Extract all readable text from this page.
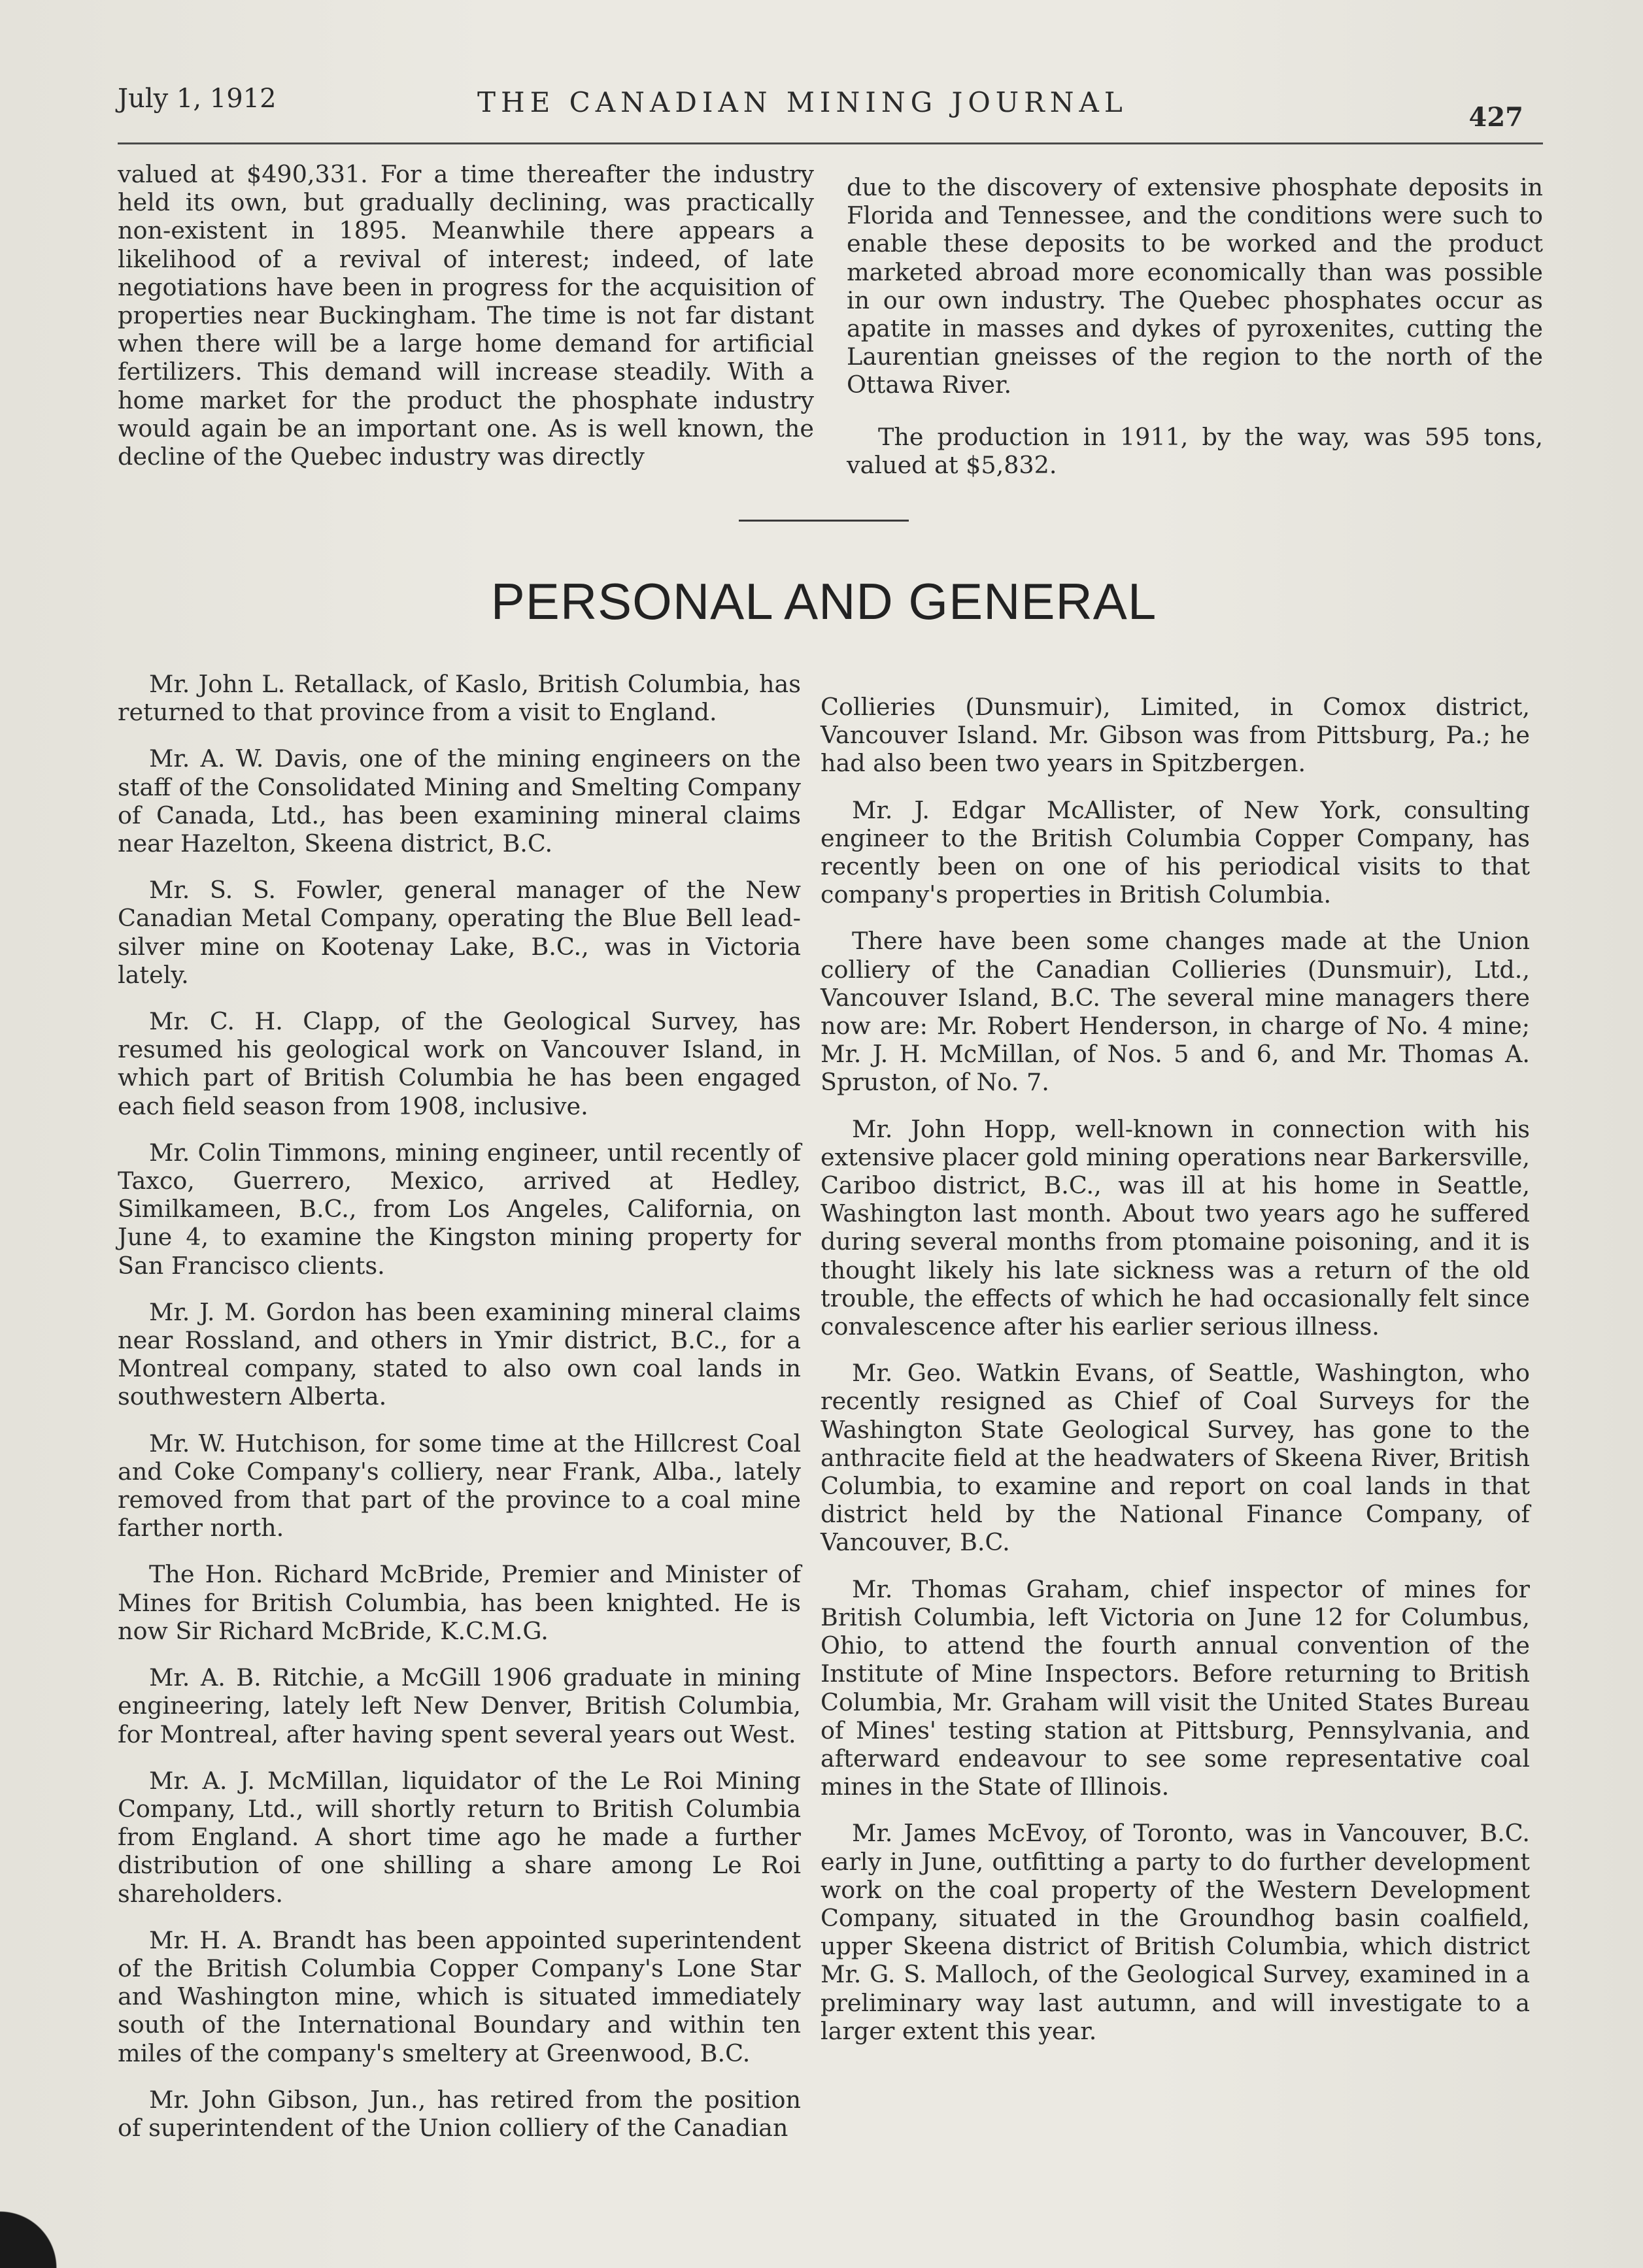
July 1, 1912	THE CANADIAN MINING JOURNAL	427

valued at $490,331. For a time thereafter the industry held its own, but gradually declining, was practically non-existent in 1895. Meanwhile there appears a likelihood of a revival of interest; indeed, of late negotiations have been in progress for the acquisition of properties near Buckingham. The time is not far distant when there will be a large home demand for artificial fertilizers. This demand will increase steadily. With a home market for the product the phosphate industry would again be an important one. As is well known, the decline of the Quebec industry was directly

due to the discovery of extensive phosphate deposits in Florida and Tennessee, and the conditions were such to enable these deposits to be worked and the product marketed abroad more economically than was possible in our own industry. The Quebec phosphates occur as apatite in masses and dykes of pyroxenites, cutting the Laurentian gneisses of the region to the north of the Ottawa River.

The production in 1911, by the way, was 595 tons, valued at $5,832.

PERSONAL AND GENERAL

Mr. John L. Retallack, of Kaslo, British Columbia, has returned to that province from a visit to England.

Mr. A. W. Davis, one of the mining engineers on the staff of the Consolidated Mining and Smelting Company of Canada, Ltd., has been examining mineral claims near Hazelton, Skeena district, B.C.

Mr. S. S. Fowler, general manager of the New Canadian Metal Company, operating the Blue Bell lead-silver mine on Kootenay Lake, B.C., was in Victoria lately.

Mr. C. H. Clapp, of the Geological Survey, has resumed his geological work on Vancouver Island, in which part of British Columbia he has been engaged each field season from 1908, inclusive.

Mr. Colin Timmons, mining engineer, until recently of Taxco, Guerrero, Mexico, arrived at Hedley, Similkameen, B.C., from Los Angeles, California, on June 4, to examine the Kingston mining property for San Francisco clients.

Mr. J. M. Gordon has been examining mineral claims near Rossland, and others in Ymir district, B.C., for a Montreal company, stated to also own coal lands in southwestern Alberta.

Mr. W. Hutchison, for some time at the Hillcrest Coal and Coke Company's colliery, near Frank, Alba., lately removed from that part of the province to a coal mine farther north.

The Hon. Richard McBride, Premier and Minister of Mines for British Columbia, has been knighted. He is now Sir Richard McBride, K.C.M.G.

Mr. A. B. Ritchie, a McGill 1906 graduate in mining engineering, lately left New Denver, British Columbia, for Montreal, after having spent several years out West.

Mr. A. J. McMillan, liquidator of the Le Roi Mining Company, Ltd., will shortly return to British Columbia from England. A short time ago he made a further distribution of one shilling a share among Le Roi shareholders.

Mr. H. A. Brandt has been appointed superintendent of the British Columbia Copper Company's Lone Star and Washington mine, which is situated immediately south of the International Boundary and within ten miles of the company's smeltery at Greenwood, B.C.

Mr. John Gibson, Jun., has retired from the position of superintendent of the Union colliery of the Canadian

Collieries (Dunsmuir), Limited, in Comox district, Vancouver Island. Mr. Gibson was from Pittsburg, Pa.; he had also been two years in Spitzbergen.

Mr. J. Edgar McAllister, of New York, consulting engineer to the British Columbia Copper Company, has recently been on one of his periodical visits to that company's properties in British Columbia.

There have been some changes made at the Union colliery of the Canadian Collieries (Dunsmuir), Ltd., Vancouver Island, B.C. The several mine managers there now are: Mr. Robert Henderson, in charge of No. 4 mine; Mr. J. H. McMillan, of Nos. 5 and 6, and Mr. Thomas A. Spruston, of No. 7.

Mr. John Hopp, well-known in connection with his extensive placer gold mining operations near Barkersville, Cariboo district, B.C., was ill at his home in Seattle, Washington last month. About two years ago he suffered during several months from ptomaine poisoning, and it is thought likely his late sickness was a return of the old trouble, the effects of which he had occasionally felt since convalescence after his earlier serious illness.

Mr. Geo. Watkin Evans, of Seattle, Washington, who recently resigned as Chief of Coal Surveys for the Washington State Geological Survey, has gone to the anthracite field at the headwaters of Skeena River, British Columbia, to examine and report on coal lands in that district held by the National Finance Company, of Vancouver, B.C.

Mr. Thomas Graham, chief inspector of mines for British Columbia, left Victoria on June 12 for Columbus, Ohio, to attend the fourth annual convention of the Institute of Mine Inspectors. Before returning to British Columbia, Mr. Graham will visit the United States Bureau of Mines' testing station at Pittsburg, Pennsylvania, and afterward endeavour to see some representative coal mines in the State of Illinois.

Mr. James McEvoy, of Toronto, was in Vancouver, B.C. early in June, outfitting a party to do further development work on the coal property of the Western Development Company, situated in the Groundhog basin coalfield, upper Skeena district of British Columbia, which district Mr. G. S. Malloch, of the Geological Survey, examined in a preliminary way last autumn, and will investigate to a larger extent this year.
